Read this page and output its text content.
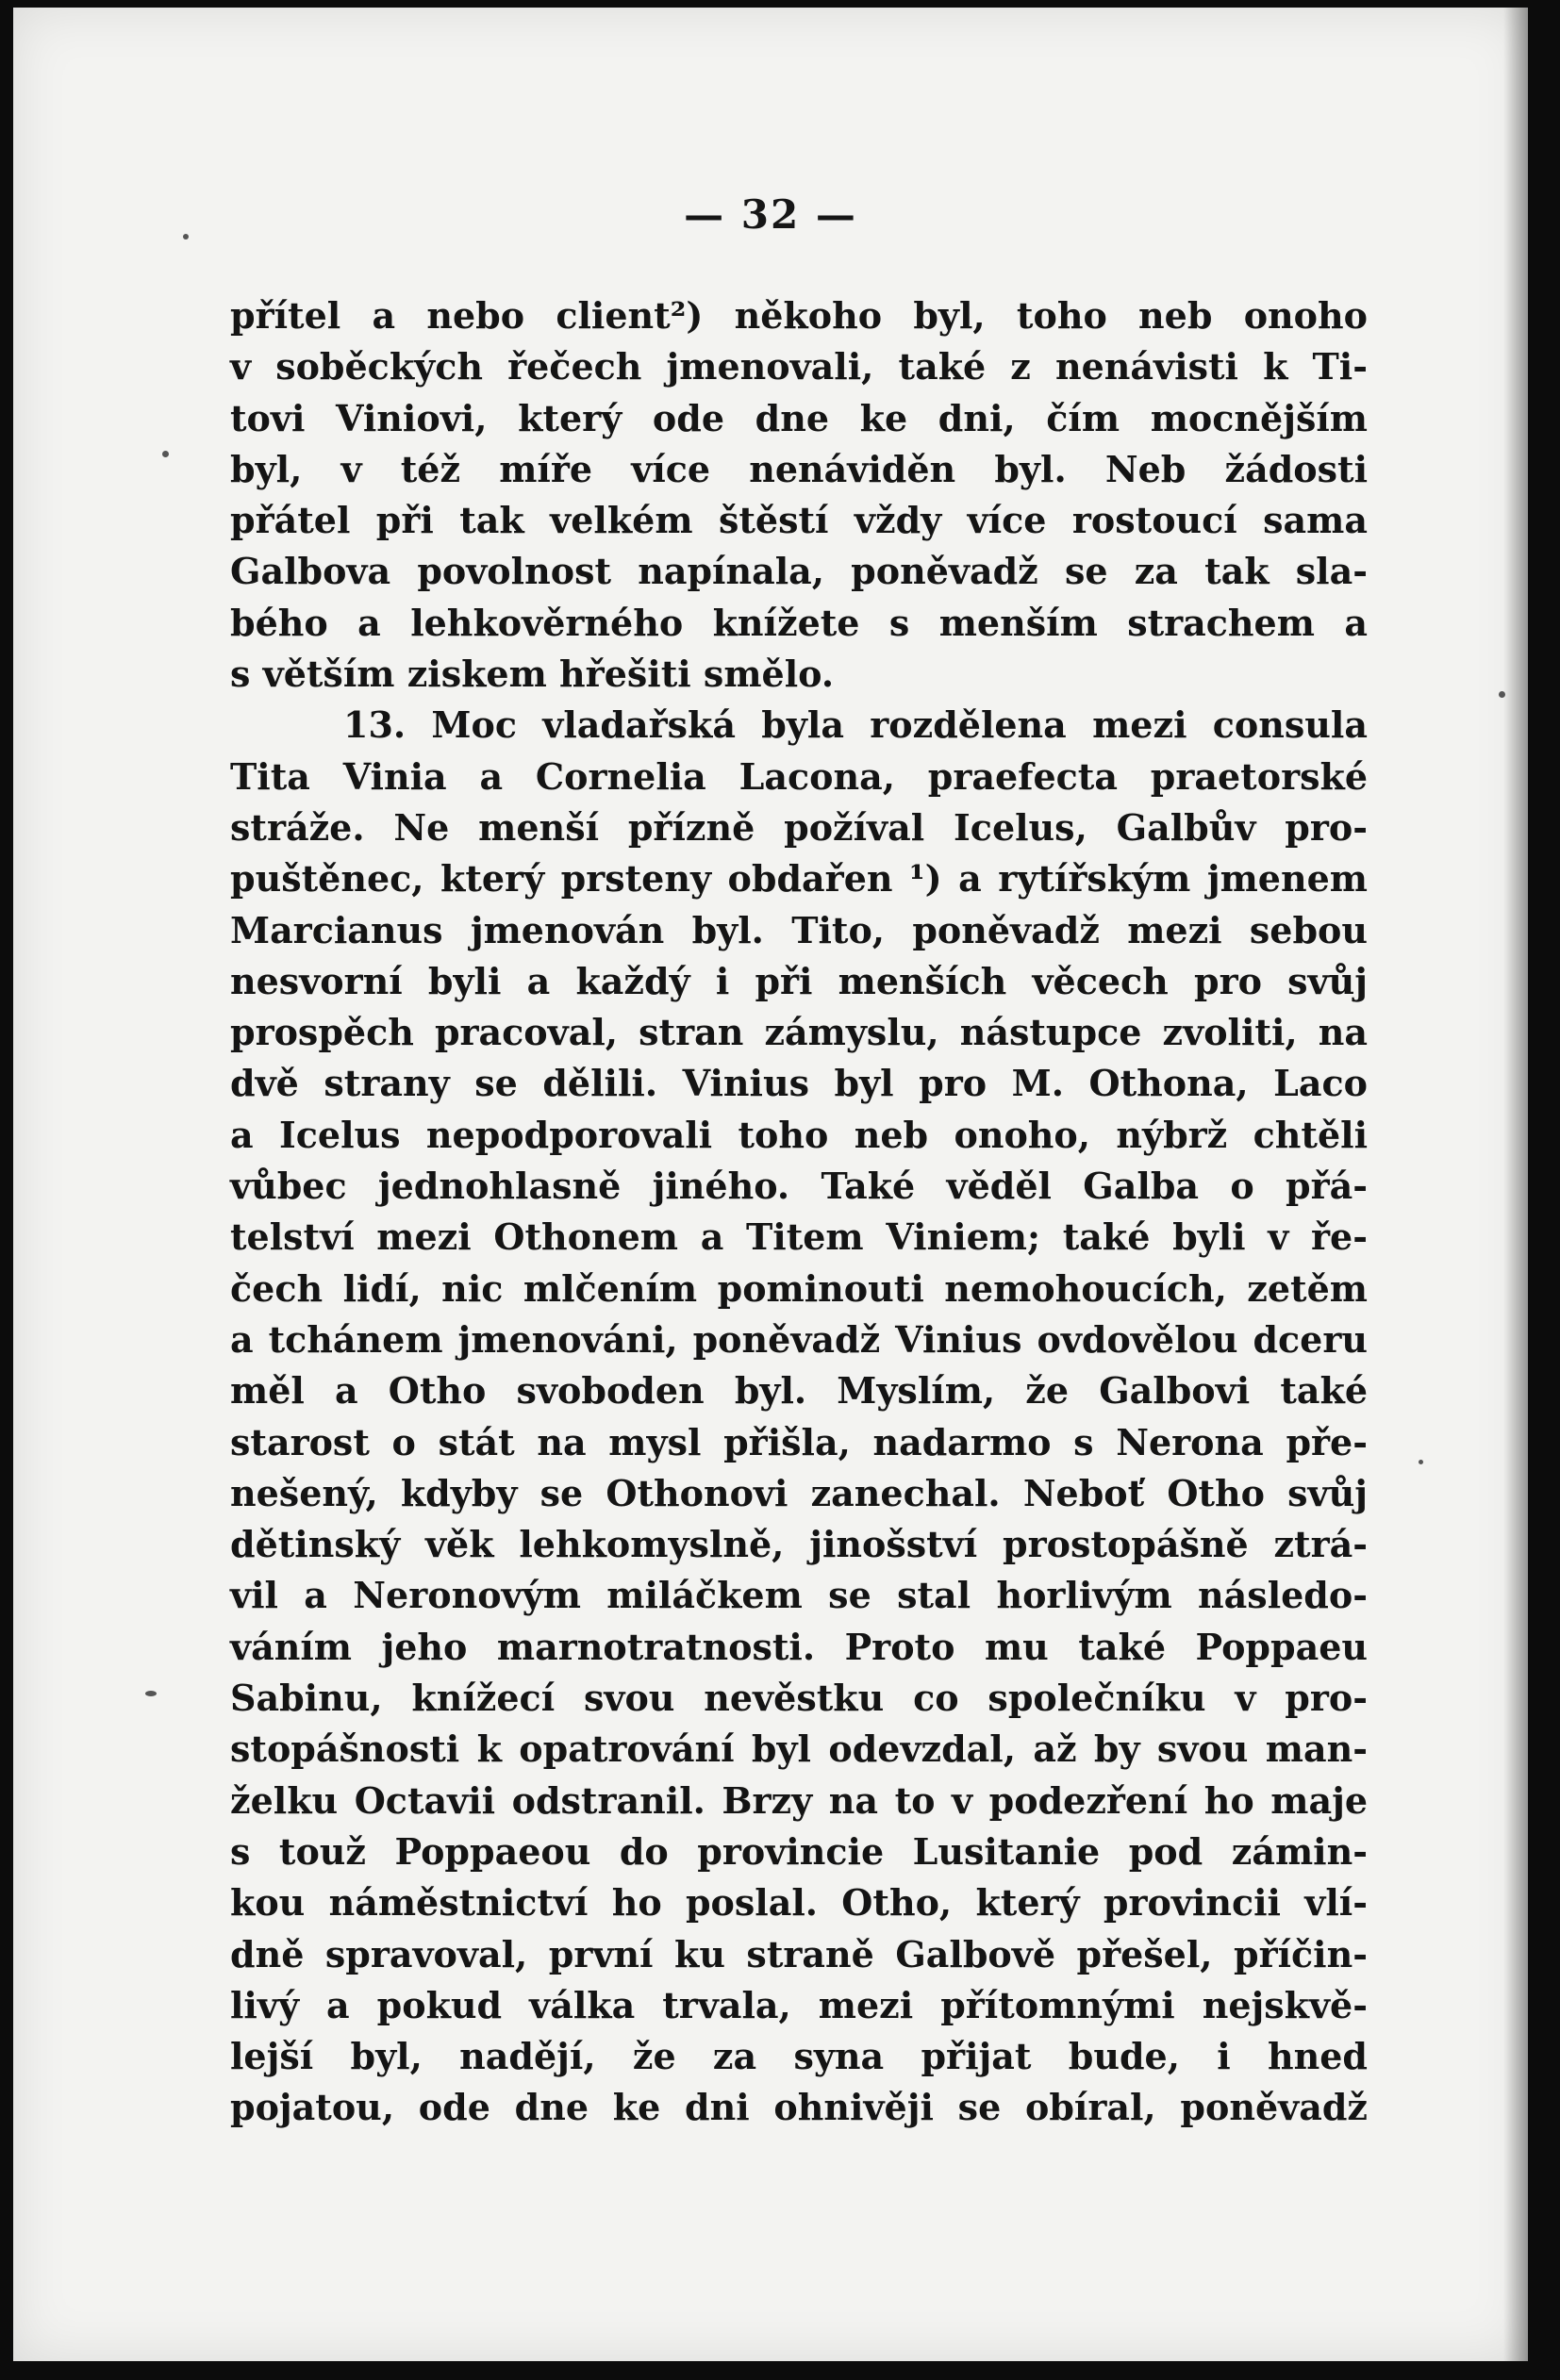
— 32 —
přítel a nebo client²) někoho byl, toho neb onoho
v soběckých řečech jmenovali, také z nenávisti k Ti-
tovi Viniovi, který ode dne ke dni, čím mocnějším
byl, v též míře více nenáviděn byl. Neb žádosti
přátel při tak velkém štěstí vždy více rostoucí sama
Galbova povolnost napínala, poněvadž se za tak sla-
bého a lehkověrného knížete s menším strachem a
s větším ziskem hřešiti smělo.
13. Moc vladařská byla rozdělena mezi consula
Tita Vinia a Cornelia Lacona, praefecta praetorské
stráže. Ne menší přízně požíval Icelus, Galbův pro-
puštěnec, který prsteny obdařen ¹) a rytířským jmenem
Marcianus jmenován byl. Tito, poněvadž mezi sebou
nesvorní byli a každý i při menších věcech pro svůj
prospěch pracoval, stran zámyslu, nástupce zvoliti, na
dvě strany se dělili. Vinius byl pro M. Othona, Laco
a Icelus nepodporovali toho neb onoho, nýbrž chtěli
vůbec jednohlasně jiného. Také věděl Galba o přá-
telství mezi Othonem a Titem Viniem; také byli v ře-
čech lidí, nic mlčením pominouti nemohoucích, zetěm
a tchánem jmenováni, poněvadž Vinius ovdovělou dceru
měl a Otho svoboden byl. Myslím, že Galbovi také
starost o stát na mysl přišla, nadarmo s Nerona pře-
nešený, kdyby se Othonovi zanechal. Neboť Otho svůj
dětinský věk lehkomyslně, jinošství prostopášně ztrá-
vil a Neronovým miláčkem se stal horlivým následo-
váním jeho marnotratnosti. Proto mu také Poppaeu
Sabinu, knížecí svou nevěstku co společníku v pro-
stopášnosti k opatrování byl odevzdal, až by svou man-
želku Octavii odstranil. Brzy na to v podezření ho maje
s touž Poppaeou do provincie Lusitanie pod zámin-
kou náměstnictví ho poslal. Otho, který provincii vlí-
dně spravoval, první ku straně Galbově přešel, příčin-
livý a pokud válka trvala, mezi přítomnými nejskvě-
lejší byl, nadějí, že za syna přijat bude, i hned
pojatou, ode dne ke dni ohnivěji se obíral, poněvadž
